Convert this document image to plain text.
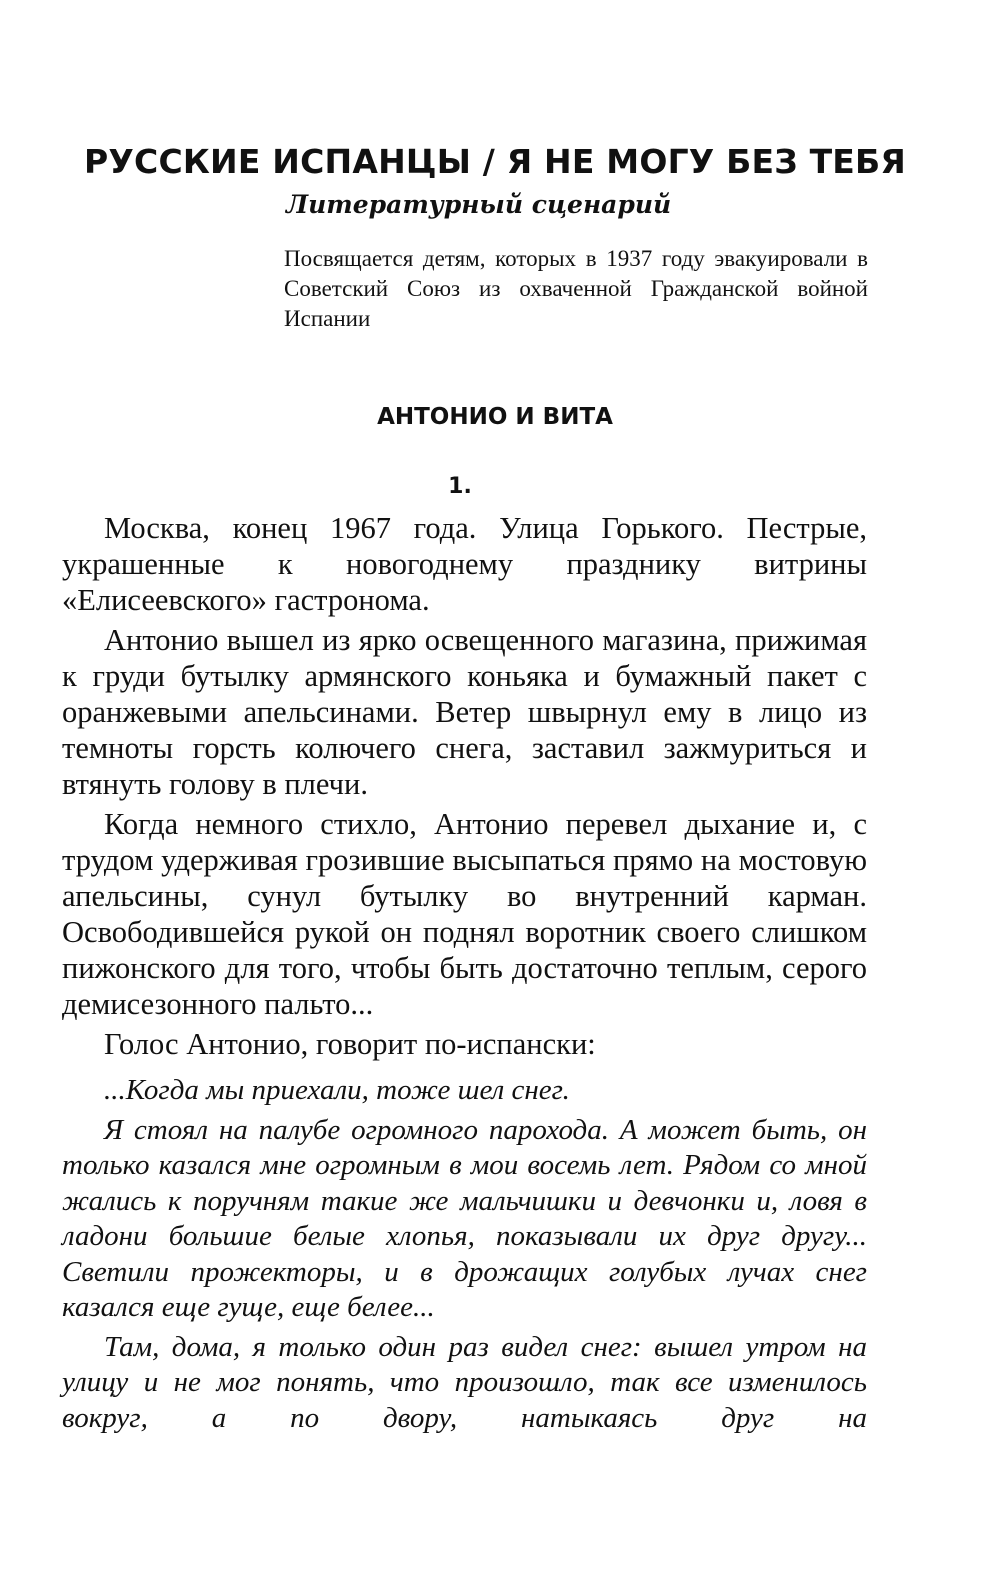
РУССКИЕ ИСПАНЦЫ / Я НЕ МОГУ БЕЗ ТЕБЯ
Литературный сценарий

Посвящается детям, которых в 1937 году эвакуировали в Советский Союз из охваченной Гражданской войной Испании

АНТОНИО И ВИТА
1.

Москва, конец 1967 года. Улица Горького. Пестрые, украшенные к новогоднему празднику витрины «Елисеевского» гастронома.

Антонио вышел из ярко освещенного магазина, прижимая к груди бутылку армянского коньяка и бумажный пакет с оранжевыми апельсинами. Ветер швырнул ему в лицо из темноты горсть колючего снега, заставил зажмуриться и втянуть голову в плечи.

Когда немного стихло, Антонио перевел дыхание и, с трудом удерживая грозившие высыпаться прямо на мостовую апельсины, сунул бутылку во внутренний карман. Освободившейся рукой он поднял воротник своего слишком пижонского для того, чтобы быть достаточно теплым, серого демисезонного пальто...

Голос Антонио, говорит по-испански:

...Когда мы приехали, тоже шел снег.

Я стоял на палубе огромного парохода. А может быть, он только казался мне огромным в мои восемь лет. Рядом со мной жались к поручням такие же мальчишки и девчонки и, ловя в ладони большие белые хлопья, показывали их друг другу... Светили прожекторы, и в дрожащих голубых лучах снег казался еще гуще, еще белее...

Там, дома, я только один раз видел снег: вышел утром на улицу и не мог понять, что произошло, так все изменилось вокруг, а по двору, натыкаясь друг на
